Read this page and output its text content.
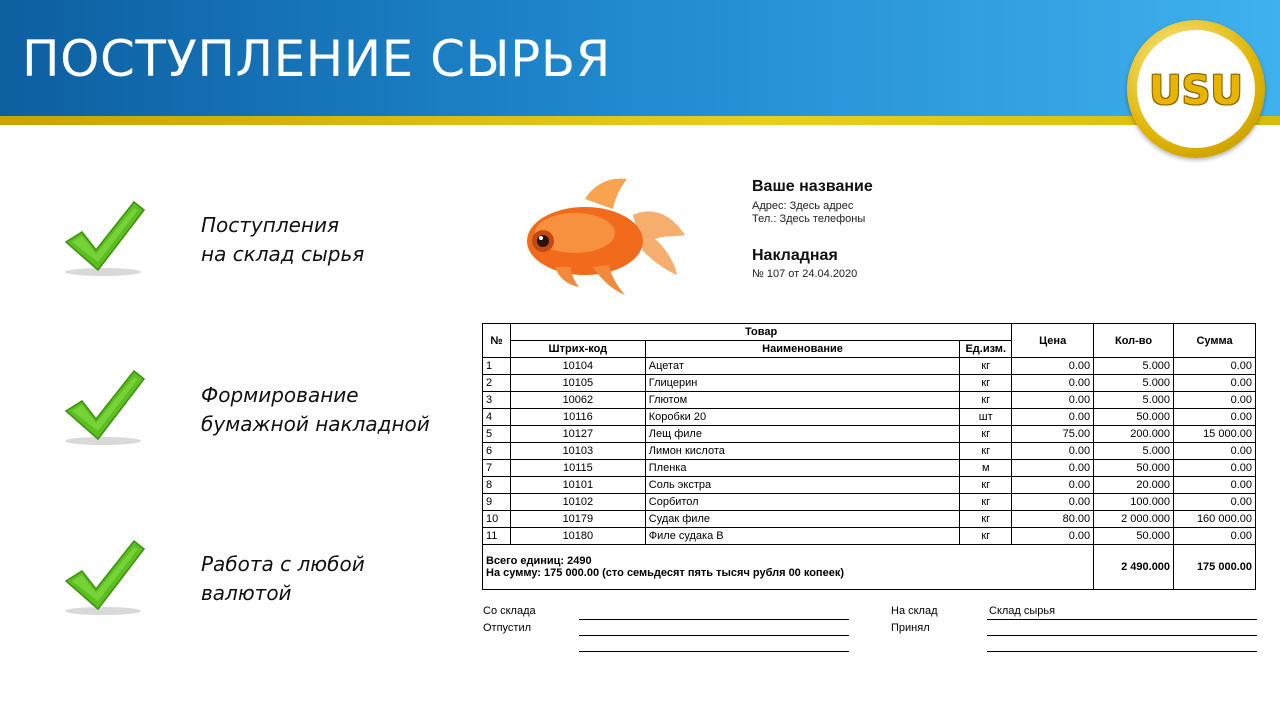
ПОСТУПЛЕНИЕ СЫРЬЯ
USU
Поступления
на склад сырья
Формирование
бумажной накладной
Работа с любой
валютой
Ваше название
Адрес: Здесь адрес
Тел.: Здесь телефоны
Накладная
№ 107 от 24.04.2020
№	Товар			Цена	Кол-во	Сумма
	Штрих-код	Наименование	Ед.изм.			
1	10104	Ацетат	кг	0.00	5.000	0.00
2	10105	Глицерин	кг	0.00	5.000	0.00
3	10062	Глютом	кг	0.00	5.000	0.00
4	10116	Коробки 20	шт	0.00	50.000	0.00
5	10127	Лещ филе	кг	75.00	200.000	15 000.00
6	10103	Лимон кислота	кг	0.00	5.000	0.00
7	10115	Пленка	м	0.00	50.000	0.00
8	10101	Соль экстра	кг	0.00	20.000	0.00
9	10102	Сорбитол	кг	0.00	100.000	0.00
10	10179	Судак филе	кг	80.00	2 000.000	160 000.00
11	10180	Филе судака В	кг	0.00	50.000	0.00

Всего единиц: 2490
На сумму: 175 000.00 (сто семьдесят пять тысяч рубля 00 копеек)					2 490.000	175 000.00
Со склада
Отпустил
На склад	Склад сырья
Принял
